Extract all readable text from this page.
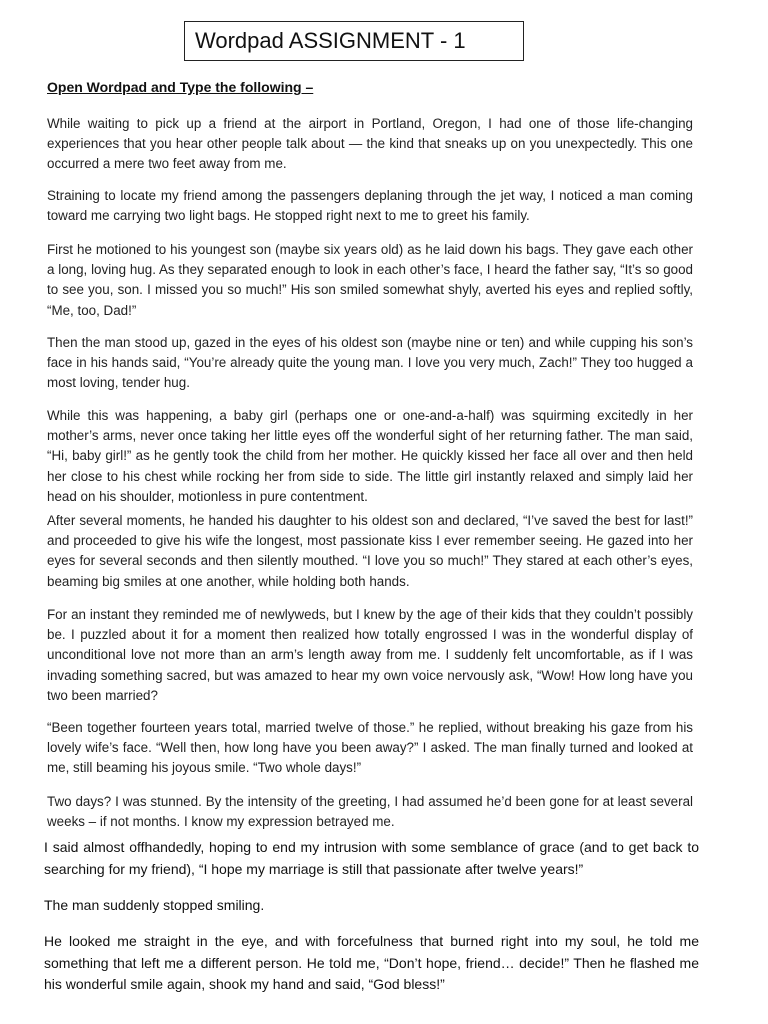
Wordpad ASSIGNMENT - 1
Open Wordpad and Type the following –

While waiting to pick up a friend at the airport in Portland, Oregon, I had one of those life-changing experiences that you hear other people talk about — the kind that sneaks up on you unexpectedly. This one occurred a mere two feet away from me.

Straining to locate my friend among the passengers deplaning through the jet way, I noticed a man coming toward me carrying two light bags. He stopped right next to me to greet his family.

First he motioned to his youngest son (maybe six years old) as he laid down his bags. They gave each other a long, loving hug. As they separated enough to look in each other’s face, I heard the father say, “It’s so good to see you, son. I missed you so much!” His son smiled somewhat shyly, averted his eyes and replied softly, “Me, too, Dad!”

Then the man stood up, gazed in the eyes of his oldest son (maybe nine or ten) and while cupping his son’s face in his hands said, “You’re already quite the young man. I love you very much, Zach!” They too hugged a most loving, tender hug.

While this was happening, a baby girl (perhaps one or one-and-a-half) was squirming excitedly in her mother’s arms, never once taking her little eyes off the wonderful sight of her returning father. The man said, “Hi, baby girl!” as he gently took the child from her mother. He quickly kissed her face all over and then held her close to his chest while rocking her from side to side. The little girl instantly relaxed and simply laid her head on his shoulder, motionless in pure contentment.

After several moments, he handed his daughter to his oldest son and declared, “I’ve saved the best for last!” and proceeded to give his wife the longest, most passionate kiss I ever remember seeing. He gazed into her eyes for several seconds and then silently mouthed. “I love you so much!” They stared at each other’s eyes, beaming big smiles at one another, while holding both hands.

For an instant they reminded me of newlyweds, but I knew by the age of their kids that they couldn’t possibly be. I puzzled about it for a moment then realized how totally engrossed I was in the wonderful display of unconditional love not more than an arm’s length away from me. I suddenly felt uncomfortable, as if I was invading something sacred, but was amazed to hear my own voice nervously ask, “Wow! How long have you two been married?

“Been together fourteen years total, married twelve of those.” he replied, without breaking his gaze from his lovely wife’s face. “Well then, how long have you been away?” I asked. The man finally turned and looked at me, still beaming his joyous smile. “Two whole days!”

Two days? I was stunned. By the intensity of the greeting, I had assumed he’d been gone for at least several weeks – if not months. I know my expression betrayed me.

I said almost offhandedly, hoping to end my intrusion with some semblance of grace (and to get back to searching for my friend), “I hope my marriage is still that passionate after twelve years!”

The man suddenly stopped smiling.

He looked me straight in the eye, and with forcefulness that burned right into my soul, he told me something that left me a different person. He told me, “Don’t hope, friend… decide!” Then he flashed me his wonderful smile again, shook my hand and said, “God bless!”
